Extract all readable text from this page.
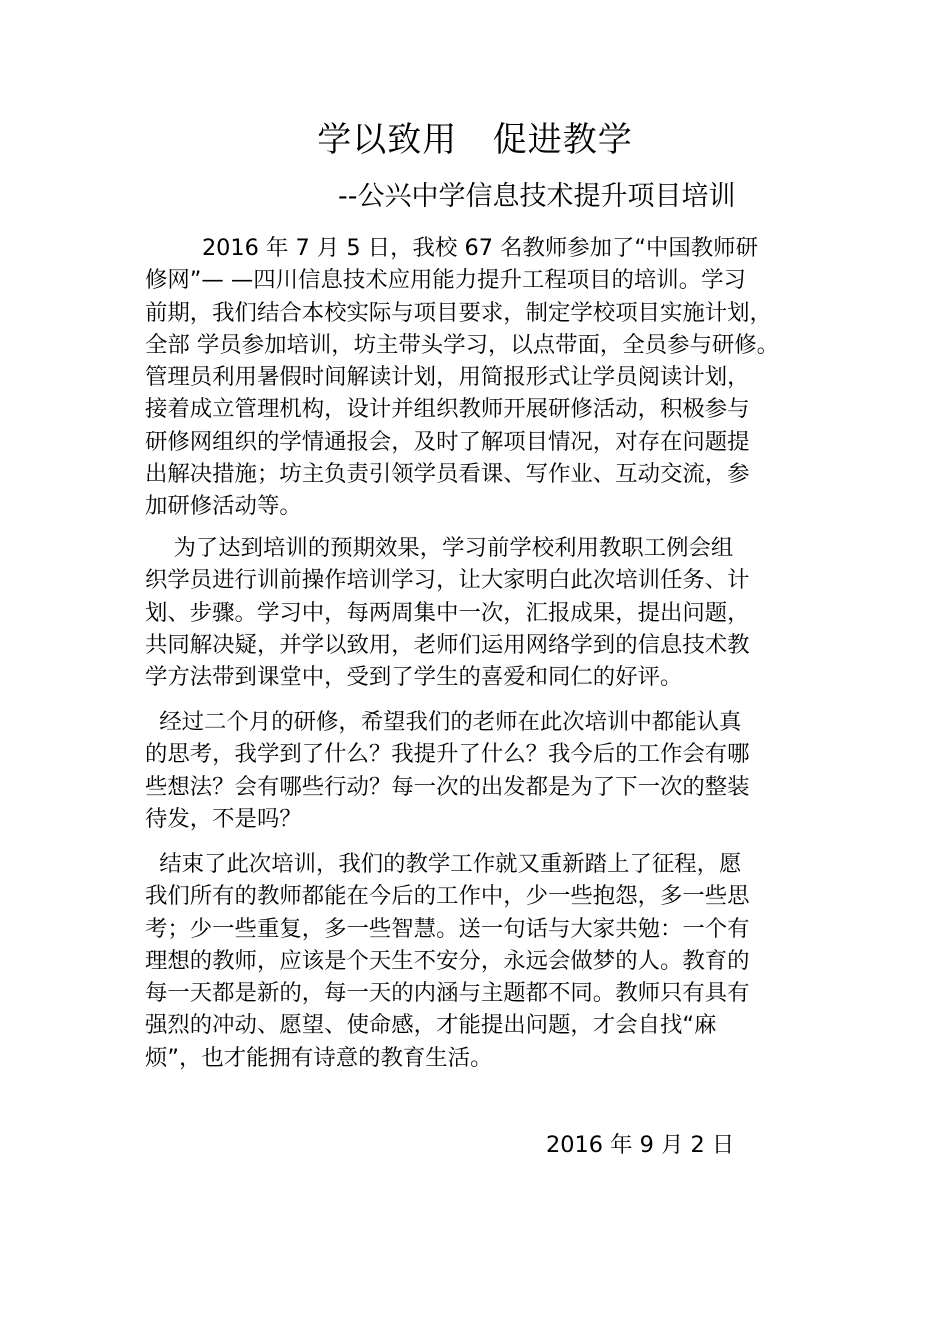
学以致用   促进教学
--公兴中学信息技术提升项目培训
2016 年 7 月 5 日，我校 67 名教师参加了“中国教师研
修网”— —四川信息技术应用能力提升工程项目的培训。学习
前期，我们结合本校实际与项目要求，制定学校项目实施计划，
全部 学员参加培训，坊主带头学习，以点带面，全员参与研修。
管理员利用暑假时间解读计划，用简报形式让学员阅读计划，
接着成立管理机构，设计并组织教师开展研修活动，积极参与
研修网组织的学情通报会，及时了解项目情况，对存在问题提
出解决措施；坊主负责引领学员看课、写作业、互动交流，参
加研修活动等。
为了达到培训的预期效果，学习前学校利用教职工例会组
织学员进行训前操作培训学习，让大家明白此次培训任务、计
划、步骤。学习中，每两周集中一次，汇报成果，提出问题，
共同解决疑，并学以致用，老师们运用网络学到的信息技术教
学方法带到课堂中，受到了学生的喜爱和同仁的好评。
经过二个月的研修，希望我们的老师在此次培训中都能认真
的思考，我学到了什么？我提升了什么？我今后的工作会有哪
些想法？会有哪些行动？每一次的出发都是为了下一次的整装
待发，不是吗？
结束了此次培训，我们的教学工作就又重新踏上了征程，愿
我们所有的教师都能在今后的工作中，少一些抱怨，多一些思
考；少一些重复，多一些智慧。送一句话与大家共勉：一个有
理想的教师，应该是个天生不安分，永远会做梦的人。教育的
每一天都是新的，每一天的内涵与主题都不同。教师只有具有
强烈的冲动、愿望、使命感，才能提出问题，才会自找“麻
烦”，也才能拥有诗意的教育生活。
2016 年 9 月 2 日
